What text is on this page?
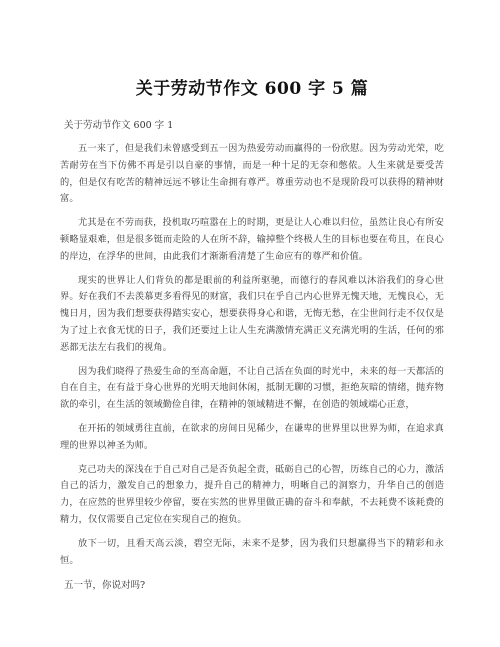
关于劳动节作文 600 字 5 篇
关于劳动节作文 600 字 1

五一来了，但是我们未曾感受到五一因为热爱劳动而赢得的一份欣慰。因为劳动光荣，吃苦耐劳在当下仿佛不再是引以自豪的事情，而是一种十足的无奈和憋侬。人生来就是要受苦的，但是仅有吃苦的精神远远不够让生命拥有尊严。尊重劳动也不是现阶段可以获得的精神财富。

尤其是在不劳而获，投机取巧喧嚣在上的时期，更是让人心难以归位，虽然让良心有所安顿略显艰难，但是很多铤而走险的人在所不辞，输掉整个终极人生的目标也要在苟且，在良心的岸边，在浮华的世间，由此我们才渐渐看清楚了生命应有的尊严和价值。

现实的世界让人们背负的都是眼前的利益所驱驰，而德行的春风难以沐浴我们的身心世界。好在我们不去羡慕更多看得见的财富，我们只在乎自己内心世界无愧天地，无愧良心，无愧日月，因为我们想要获得踏实安心，想要获得身心和谐，无悔无愁，在尘世间行走不仅仅是为了过上衣食无忧的日子，我们还要过上让人生充满激情充满正义充满光明的生活，任何的邪恶都无法左右我们的视角。

因为我们晓得了热爱生命的至高命题，不让自己活在负面的时光中，未来的每一天都活的自在自主，在有益于身心世界的光明天地间休闲，抵制无聊的习惯，拒绝灰暗的情绪，抛弃物欲的牵引，在生活的领域勤俭自律，在精神的领域精进不懈，在创造的领域端心正意，

在开拓的领域勇往直前，在欲求的房间日见稀少，在谦卑的世界里以世界为师，在追求真理的世界以神圣为师。

克己功夫的深浅在于自己对自己是否负起全责，砥砺自己的心智，历练自己的心力，激活自己的活力，激发自己的想象力，提升自己的精神力，明晰自己的洞察力，升华自己的创造力，在应然的世界里较少停留，要在实然的世界里做正确的奋斗和奉献，不去耗费不该耗费的精力，仅仅需要自己定位在实现自己的抱负。

放下一切，且看天高云淡，碧空无际，未来不是梦，因为我们只想赢得当下的精彩和永恒。

五一节，你说对吗?
